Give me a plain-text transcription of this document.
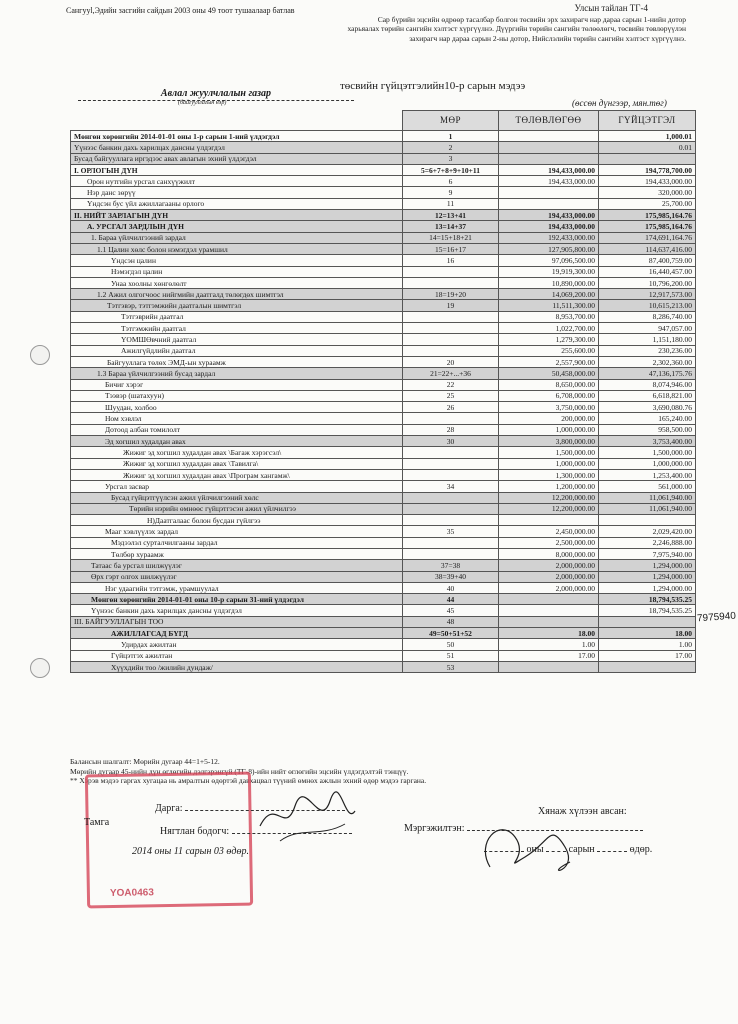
Сангууl,Эдийн засгийн сайдын 2003 оны 49 тоот тушаалаар батлав	Улсын тайлан ТГ-4
Сар бүрийн эцсийн өдрөөр тасалбар болгон төсвийн эрх захирагч нар дараа сарын 1-нийн дотор харьяалах төрийн сангийн хэлтэст хүргүүлнэ. Дүүргийн төрийн сангийн төлөөлөгч, төсвийн төвлөрүүлэн захирагч нар дараа сарын 2-ны дотор, Нийслэлийн төрийн сангийн хэлтэст хүргүүлнэ.
Авлал жуулчлалын газар
(байгууллагын нэр)
төсвийн гүйцэтгэлийн10-р сарын мэдээ
(өссөн дүнгээр, мян.төг)
	МӨР	ТӨЛӨВЛӨГӨӨ	ГҮЙЦЭТГЭЛ
Мөнгөн хөрөнгийн 2014-01-01 оны 1-р сарын 1-ний үлдэгдэл	1		1,000.01
Үүнээс банкин дахь харилцах дансны үлдэгдэл	2		0.01
Бусад байгууллага иргэдээс авах авлагын эхний үлдэгдэл	3		
I. ОРЛОГЫН ДҮН	5=6+7+8+9+10+11	194,433,000.00	194,778,700.00
Орон нутгийн урсгал санхүүжилт	6	194,433,000.00	194,433,000.00
Нэр данс зөрүү	9		320,000.00
Үндсэн бус үйл ажиллагааны орлого	11		25,700.00
II. НИЙТ ЗАРЛАГЫН ДҮН	12=13+41	194,433,000.00	175,985,164.76
А. УРСГАЛ ЗАРДЛЫН ДҮН	13=14+37	194,433,000.00	175,985,164.76
1. Бараа үйлчилгээний зардал	14=15+18+21	192,433,000.00	174,691,164.76
1.1 Цалин хөлс болон нэмэгдэл урамшил	15=16+17	127,905,800.00	114,637,416.00
Үндсэн цалин	16	97,096,500.00	87,400,759.00
Нэмэгдэл цалин		19,919,300.00	16,440,457.00
Унаа хоолны хөнгөлөлт		10,890,000.00	10,796,200.00
1.2 Ажил олгогчоос нийгмийн даатгалд төлөгдөх шимтгэл	18=19+20	14,069,200.00	12,917,573.00
Тэтгэвэр, тэтгэмжийн даатгалын шимтгэл	19	11,511,300.00	10,615,213.00
Тэтгэврийн даатгал		8,953,700.00	8,286,740.00
Тэтгэмжийн даатгал		1,022,700.00	947,057.00
ҮОМШӨвчний даатгал		1,279,300.00	1,151,180.00
Ажилгүйдлийн даатгал		255,600.00	230,236.00
Байгууллага төлөх ЭМД-ын хураамж	20	2,557,900.00	2,302,360.00
1.3 Бараа үйлчилгээний бусад зардал	21=22+...+36	50,458,000.00	47,136,175.76
Бичиг хэрэг	22	8,650,000.00	8,074,946.00
Тээвэр (шатахуун)	25	6,708,000.00	6,618,821.00
Шуудан, холбоо	26	3,750,000.00	3,690,080.76
Ном хэвлэл		200,000.00	165,240.00
Дотоод албан томилолт	28	1,000,000.00	958,500.00
Эд хогшил худалдан авах	30	3,800,000.00	3,753,400.00
Жижиг эд хогшил худалдан авах \Багаж хэрэгсэл\		1,500,000.00	1,500,000.00
Жижиг эд хогшил худалдан авах \Тавилга\		1,000,000.00	1,000,000.00
Жижиг эд хогшил худалдан авах \Програм хангамж\		1,300,000.00	1,253,400.00
Урсгал засвар	34	1,200,000.00	561,000.00
Бусад гүйцэтгүүлсэн ажил үйлчилгээний хөлс		12,200,000.00	11,061,940.00
Төрийн нэрийн өмнөөс гүйцэтгэсэн ажил үйлчилгээ		12,200,000.00	11,061,940.00
Н)Даатгалаас болон бусдан гүйлгээ			
Мааг хэвлүүлэх зардал	35	2,450,000.00	2,029,420.00
Мэдээлэл сурталчилгааны зардал		2,500,000.00	2,246,888.00
Төлбөр хураамж		8,000,000.00	7,975,940.00
Татаас ба урсгал шилжүүлэг	37=38	2,000,000.00	1,294,000.00
Өрх гэрт олгох шилжүүлэг	38=39+40	2,000,000.00	1,294,000.00
Нэг удаагийн тэтгэмж, урамшуулал	40	2,000,000.00	1,294,000.00
Мөнгөн хөрөнгийн 2014-01-01 оны 10-р сарын 31-ний үлдэгдэл	44		18,794,535.25
Үүнээс банкин дахь харилцах дансны үлдэгдэл	45		18,794,535.25
III. БАЙГУУЛЛАГЫН ТОО	48		
АЖИЛЛАГСАД БҮГД	49=50+51+52	18.00	18.00
Удирдах ажилтан	50	1.00	1.00
Гүйцэтгэх ажилтан	51	17.00	17.00
Хүүхдийн тоо /жилийн дундаж/	53		
Балансын шалгалт: Мөрийн дугаар 44=1+5-12.
Мөрийн дугаар 45-нийн дүн өглөгийн дэлгэрэнгүй (ТГ-8)-ийн нийт өглөгийн эцсийн үлдэгдэлтэй тэнцүү.
** Хэрэв мэдээ гаргах хугацаа нь амралтын өдөртэй давхацвал түүний өмнөх ажлын эхний өдөр мэдээ гаргана.
YOA0463
Дарга:
Тамга
Нягтлан бодогч:
2014 оны 11 сарын 03 өдөр.
Хянаж хүлээн авсан:
Мэргэжилтэн:
оны	сарын	өдөр.
7975940
